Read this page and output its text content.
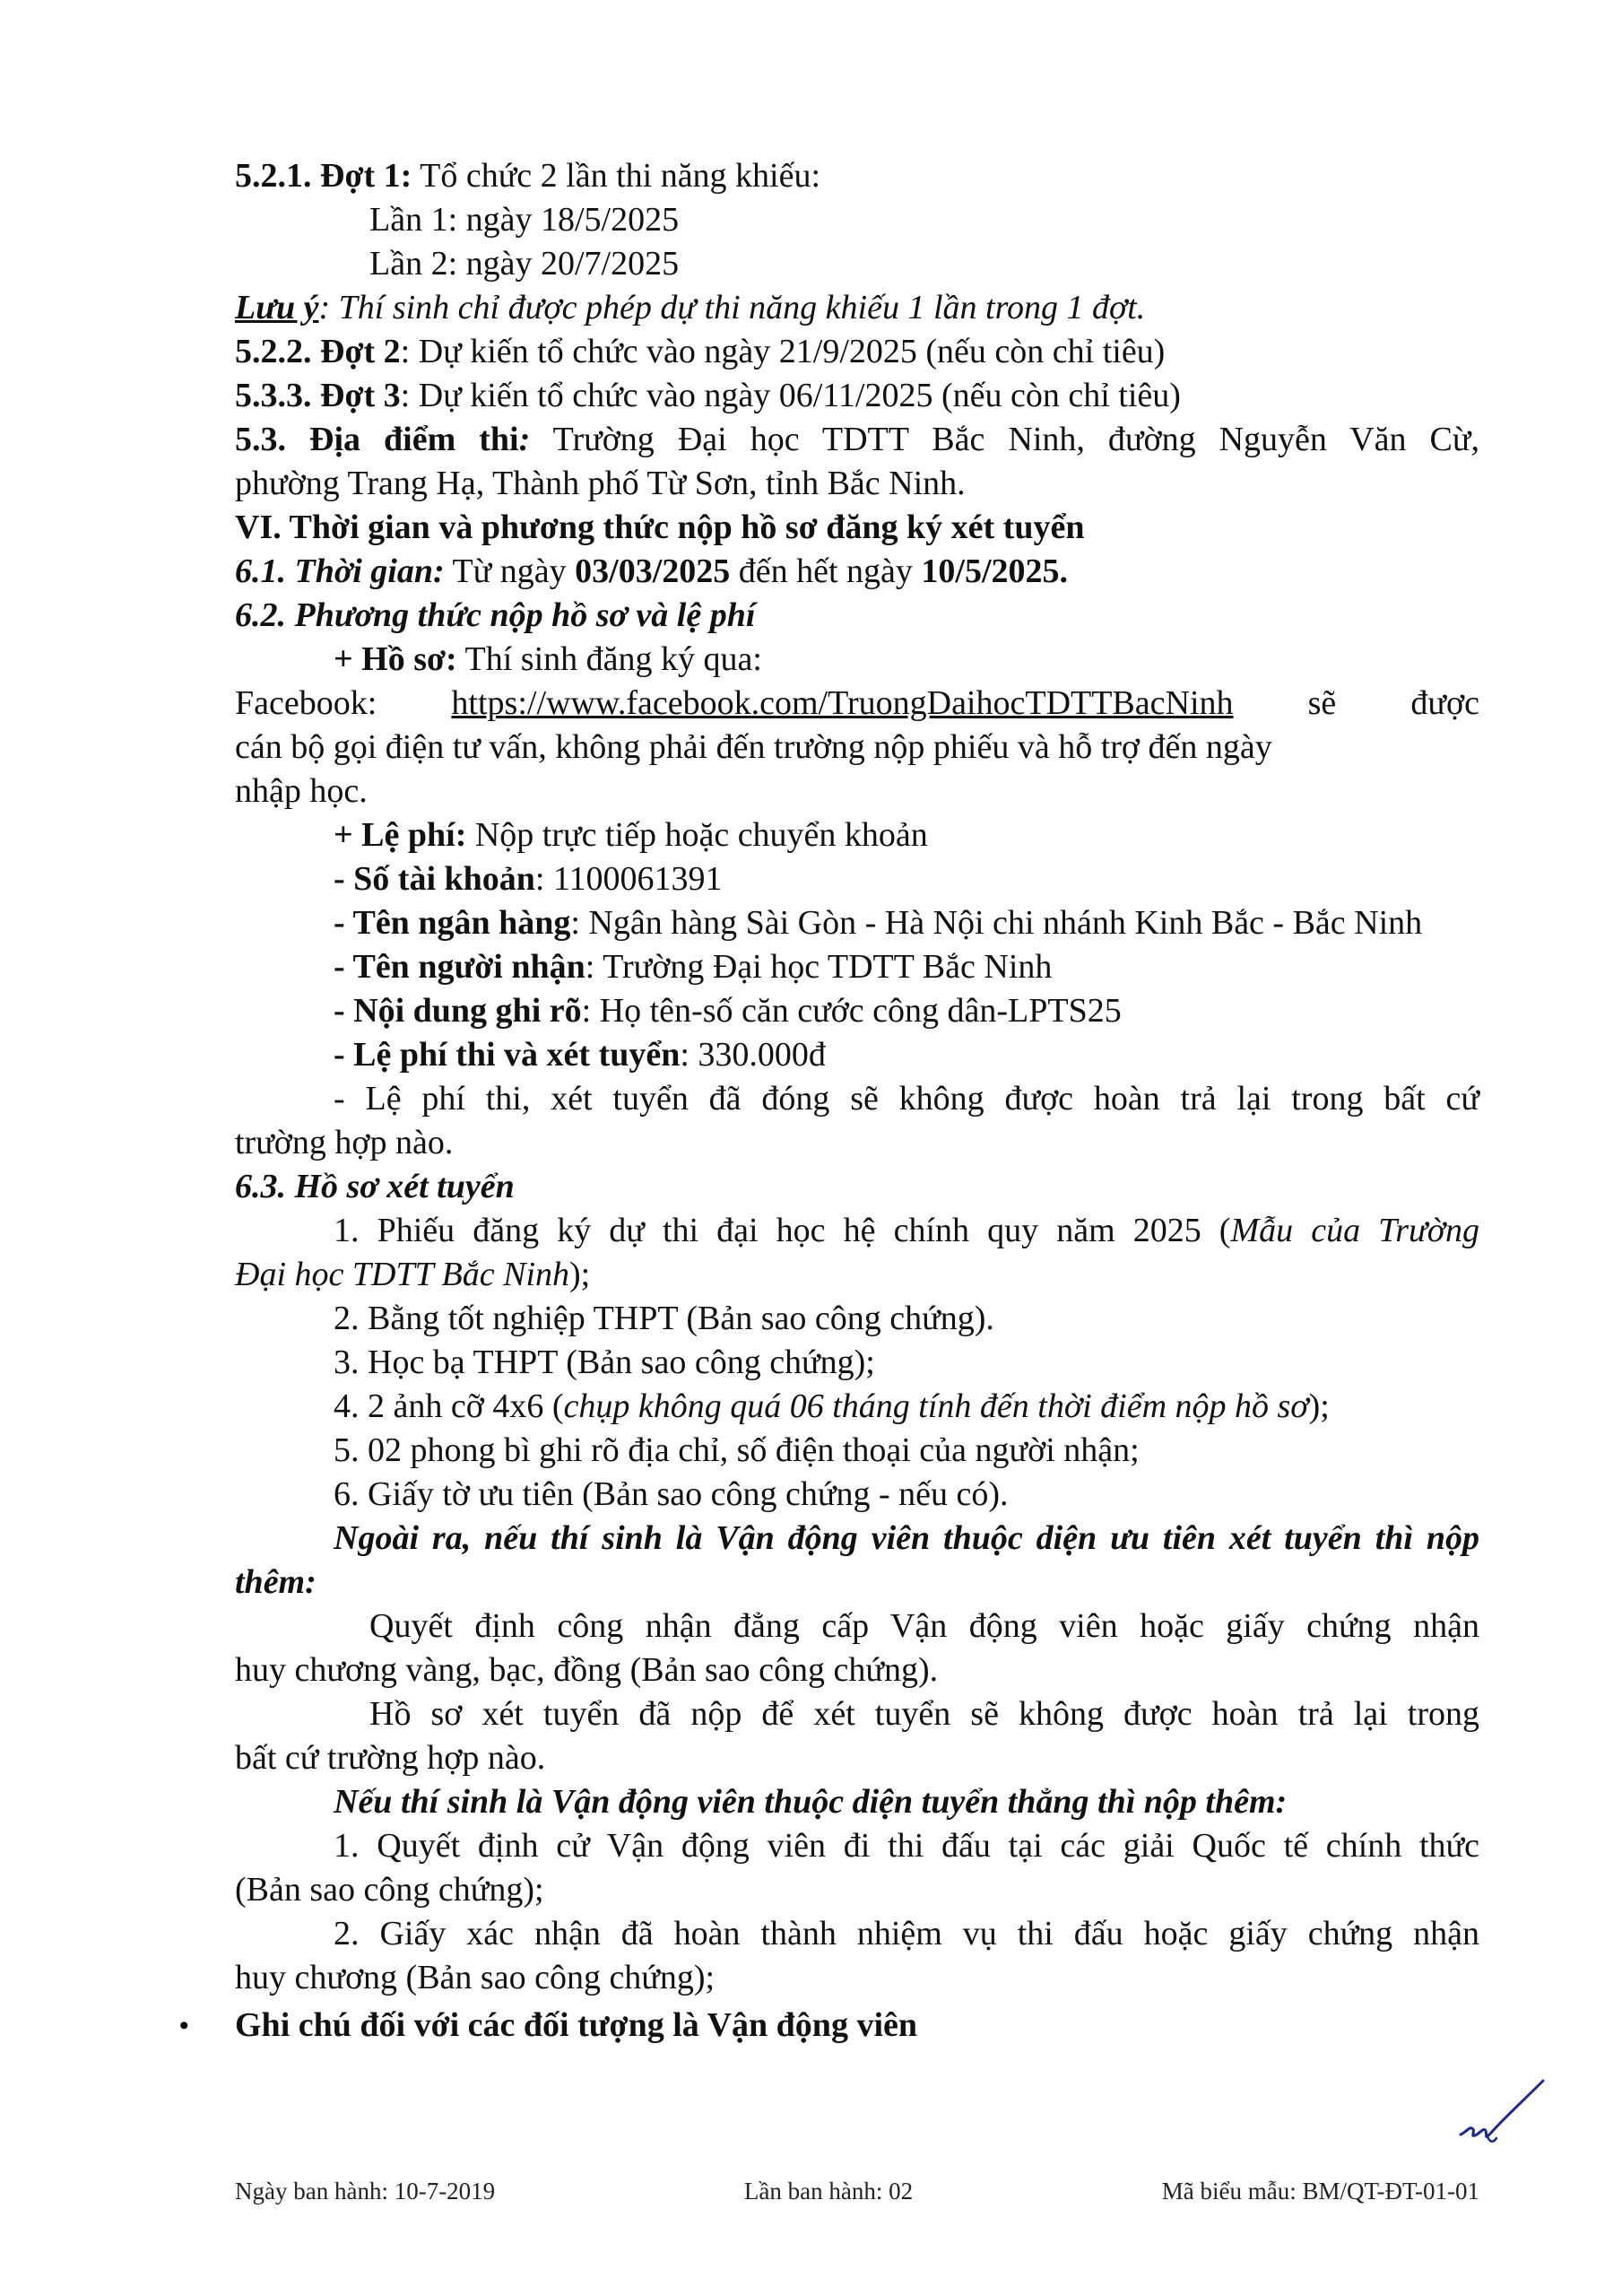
5.2.1. Đợt 1: Tổ chức 2 lần thi năng khiếu:
Lần 1: ngày 18/5/2025
Lần 2: ngày 20/7/2025
Lưu ý: Thí sinh chỉ được phép dự thi năng khiếu 1 lần trong 1 đợt.
5.2.2. Đợt 2: Dự kiến tổ chức vào ngày 21/9/2025 (nếu còn chỉ tiêu)
5.3.3. Đợt 3: Dự kiến tổ chức vào ngày 06/11/2025 (nếu còn chỉ tiêu)
5.3. Địa điểm thi: Trường Đại học TDTT Bắc Ninh, đường Nguyễn Văn Cừ,
phường Trang Hạ, Thành phố Từ Sơn, tỉnh Bắc Ninh.
VI. Thời gian và phương thức nộp hồ sơ đăng ký xét tuyển
6.1. Thời gian: Từ ngày 03/03/2025 đến hết ngày 10/5/2025.
6.2. Phương thức nộp hồ sơ và lệ phí
+ Hồ sơ: Thí sinh đăng ký qua:
Facebook: https://www.facebook.com/TruongDaihocTDTTBacNinh sẽ được
cán bộ gọi điện tư vấn, không phải đến trường nộp phiếu và hỗ trợ đến ngày
nhập học.
+ Lệ phí: Nộp trực tiếp hoặc chuyển khoản
- Số tài khoản: 1100061391
- Tên ngân hàng: Ngân hàng Sài Gòn - Hà Nội chi nhánh Kinh Bắc - Bắc Ninh
- Tên người nhận: Trường Đại học TDTT Bắc Ninh
- Nội dung ghi rõ: Họ tên-số căn cước công dân-LPTS25
- Lệ phí thi và xét tuyển: 330.000đ
- Lệ phí thi, xét tuyển đã đóng sẽ không được hoàn trả lại trong bất cứ
trường hợp nào.
6.3. Hồ sơ xét tuyển
1. Phiếu đăng ký dự thi đại học hệ chính quy năm 2025 (Mẫu của Trường
Đại học TDTT Bắc Ninh);
2. Bằng tốt nghiệp THPT (Bản sao công chứng).
3. Học bạ THPT (Bản sao công chứng);
4. 2 ảnh cỡ 4x6 (chụp không quá 06 tháng tính đến thời điểm nộp hồ sơ);
5. 02 phong bì ghi rõ địa chỉ, số điện thoại của người nhận;
6. Giấy tờ ưu tiên (Bản sao công chứng - nếu có).
Ngoài ra, nếu thí sinh là Vận động viên thuộc diện ưu tiên xét tuyển thì nộp
thêm:
Quyết định công nhận đẳng cấp Vận động viên hoặc giấy chứng nhận
huy chương vàng, bạc, đồng (Bản sao công chứng).
Hồ sơ xét tuyển đã nộp để xét tuyển sẽ không được hoàn trả lại trong
bất cứ trường hợp nào.
Nếu thí sinh là Vận động viên thuộc diện tuyển thẳng thì nộp thêm:
1. Quyết định cử Vận động viên đi thi đấu tại các giải Quốc tế chính thức
(Bản sao công chứng);
2. Giấy xác nhận đã hoàn thành nhiệm vụ thi đấu hoặc giấy chứng nhận
huy chương (Bản sao công chứng);
• Ghi chú đối với các đối tượng là Vận động viên
Ngày ban hành: 10-7-2019	Lần ban hành: 02	Mã biểu mẫu: BM/QT-ĐT-01-01
